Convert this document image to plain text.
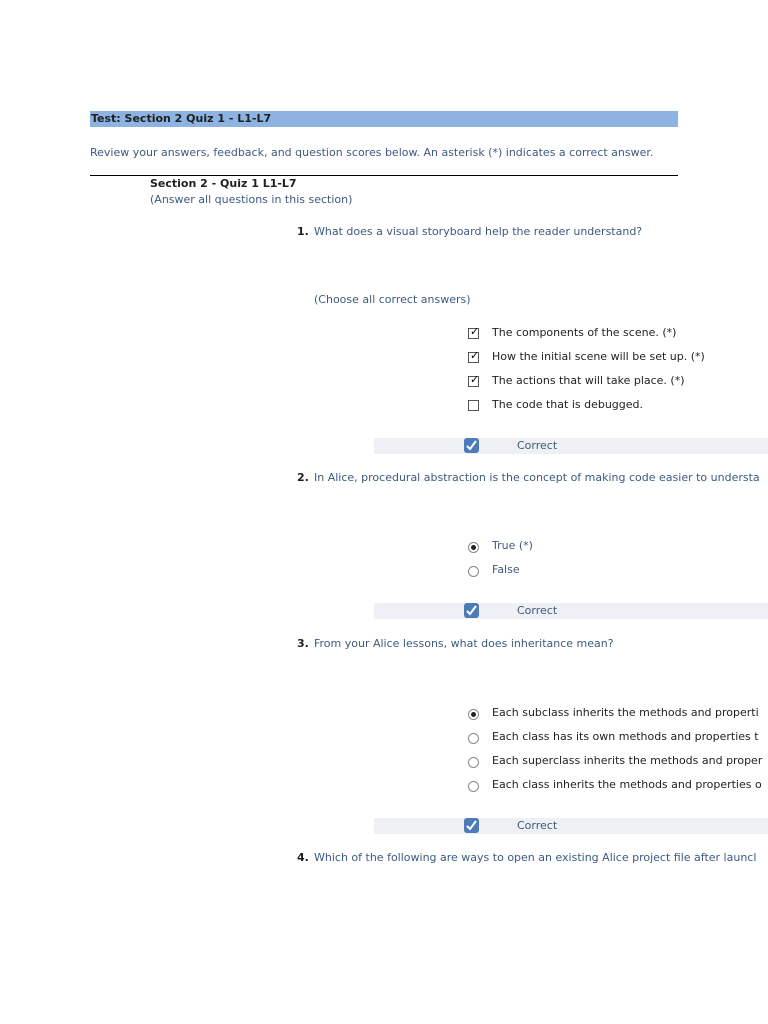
Test: Section 2 Quiz 1 - L1-L7
Review your answers, feedback, and question scores below. An asterisk (*) indicates a correct answer.
Section 2 - Quiz 1 L1-L7
(Answer all questions in this section)
1. What does a visual storyboard help the reader understand?
(Choose all correct answers)
✓ The components of the scene. (*)
✓ How the initial scene will be set up. (*)
✓ The actions that will take place. (*)
The code that is debugged.
Correct
2. In Alice, procedural abstraction is the concept of making code easier to understa
True (*)
False
Correct
3. From your Alice lessons, what does inheritance mean?
Each subclass inherits the methods and properti
Each class has its own methods and properties t
Each superclass inherits the methods and proper
Each class inherits the methods and properties o
Correct
4. Which of the following are ways to open an existing Alice project file after launcl
